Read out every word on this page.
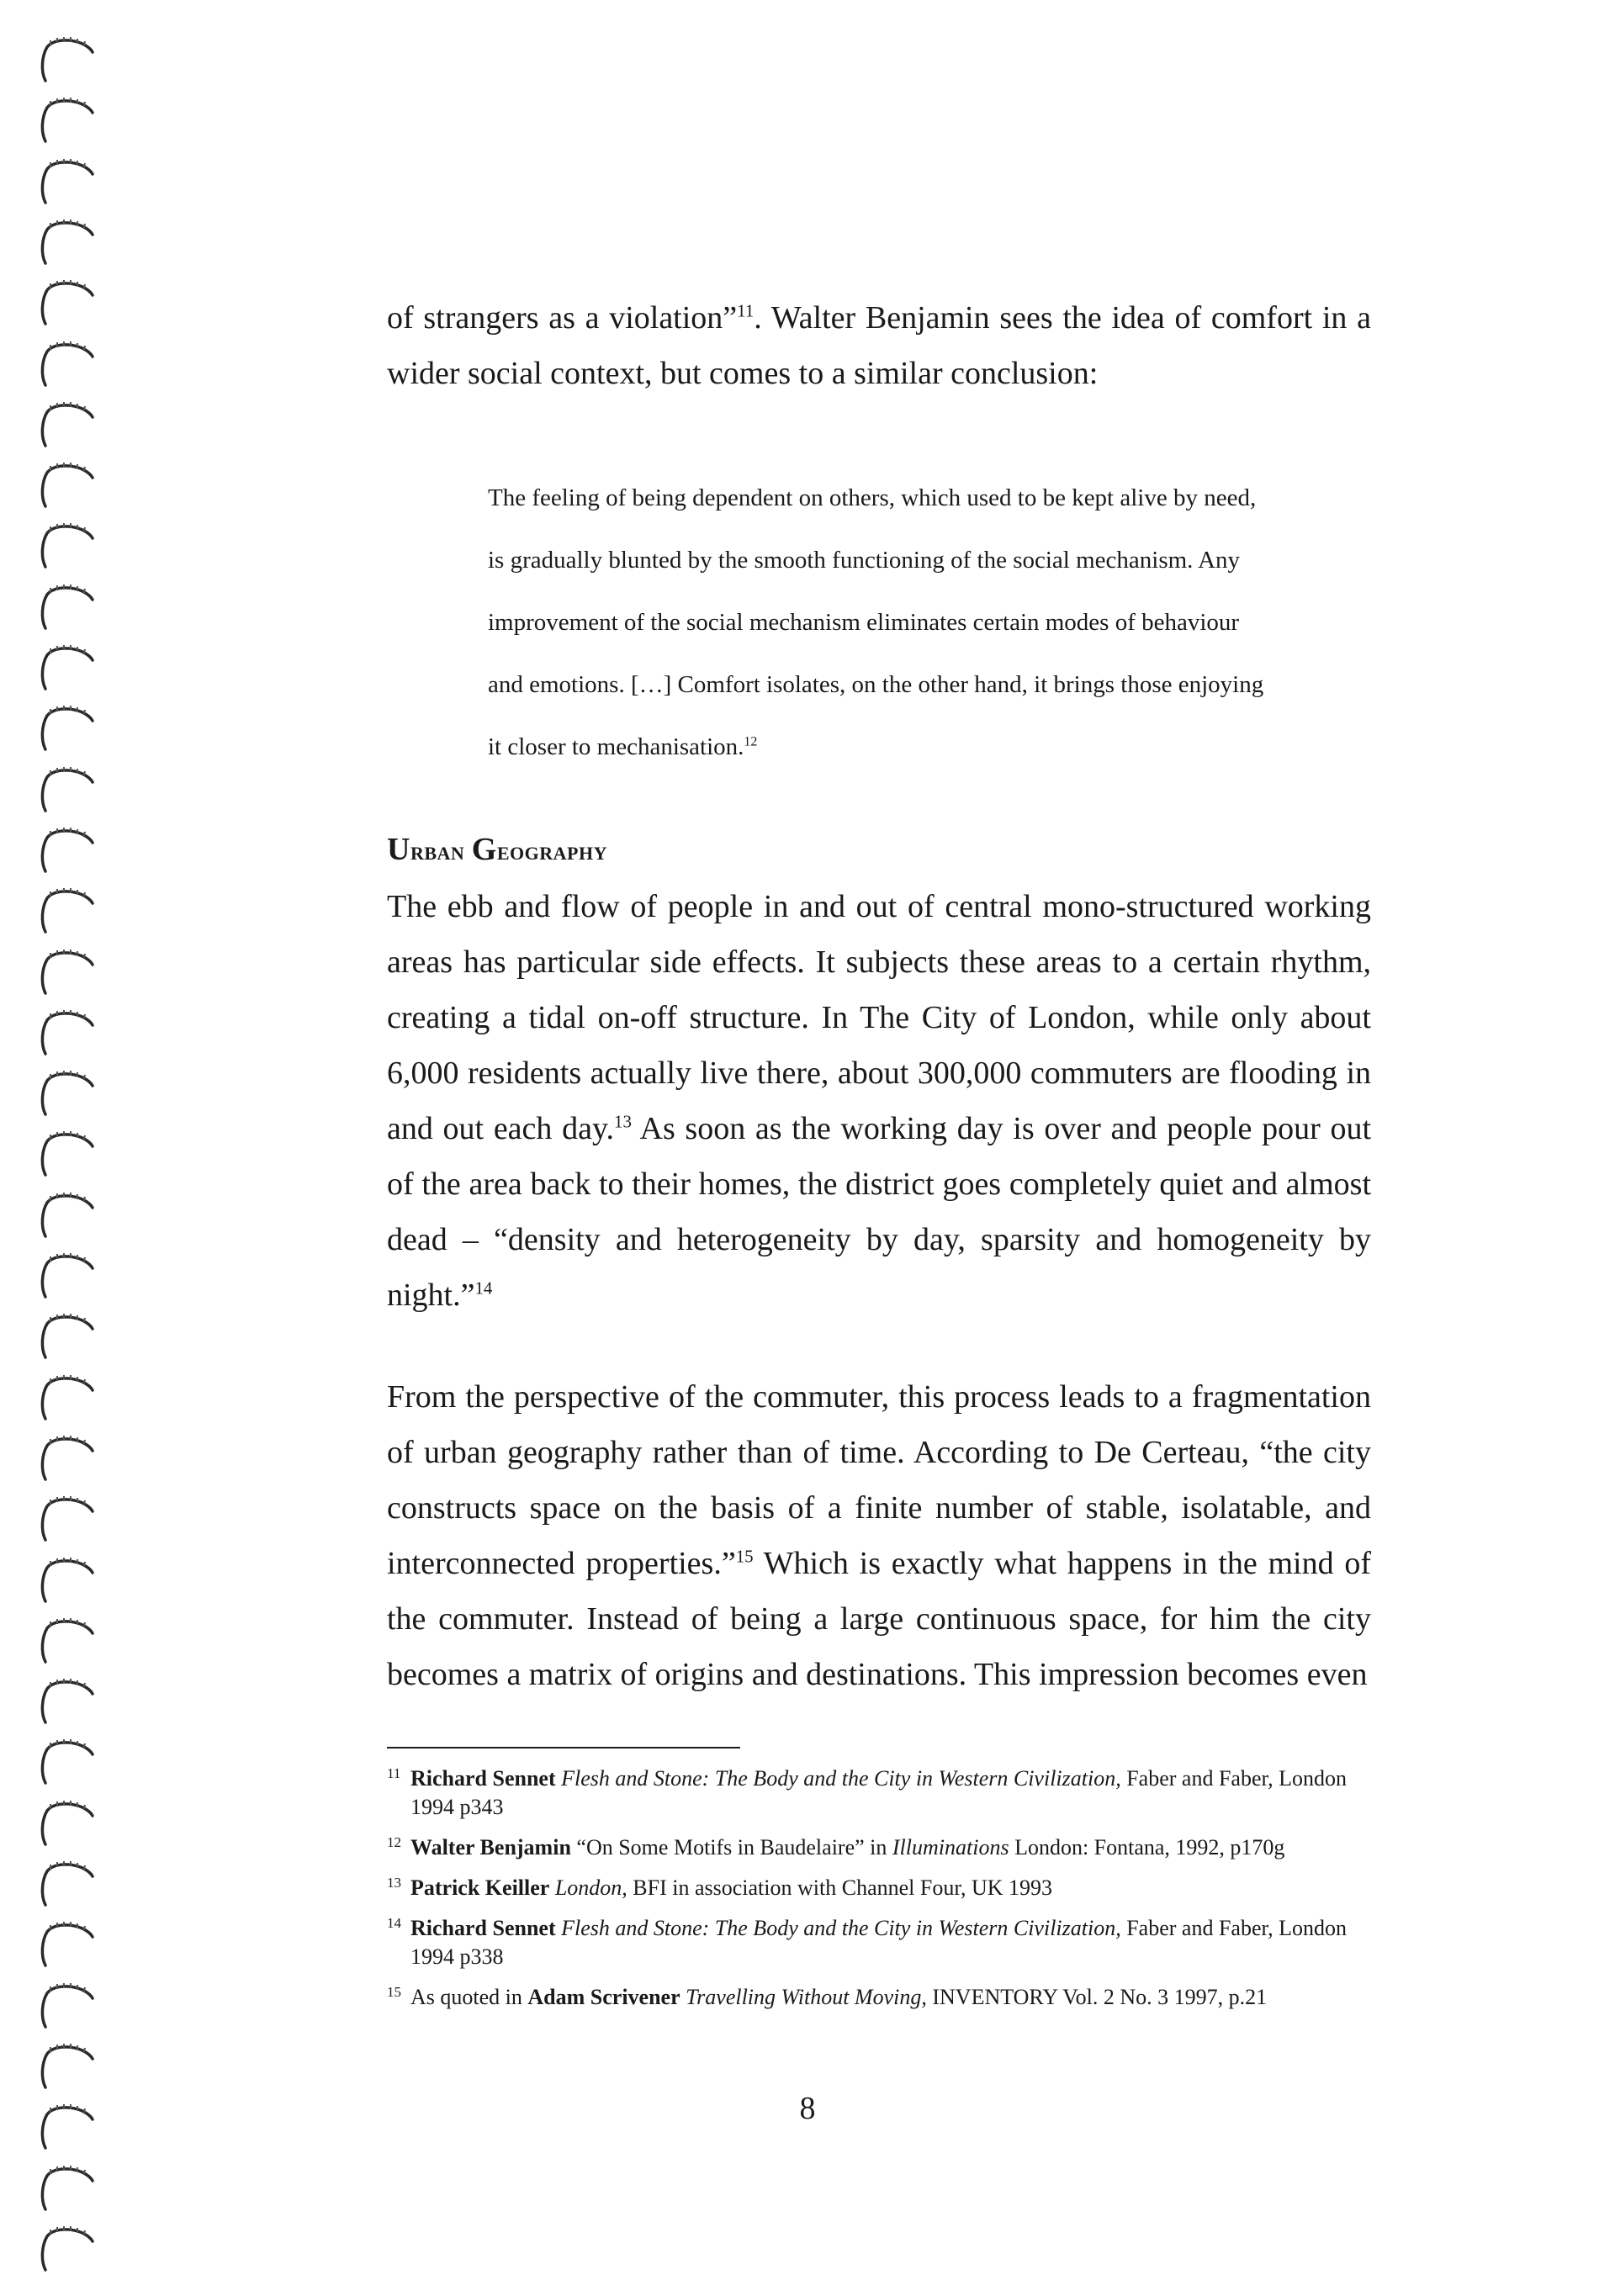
of strangers as a violation”$^{11}$. Walter Benjamin sees the idea of comfort in a wider social context, but comes to a similar conclusion:

The feeling of being dependent on others, which used to be kept alive by need, is gradually blunted by the smooth functioning of the social mechanism. Any improvement of the social mechanism eliminates certain modes of behaviour and emotions. […] Comfort isolates, on the other hand, it brings those enjoying it closer to mechanisation.$^{12}$

Urban Geography

The ebb and flow of people in and out of central mono-structured working areas has particular side effects. It subjects these areas to a certain rhythm, creating a tidal on-off structure. In The City of London, while only about 6,000 residents actually live there, about 300,000 commuters are flooding in and out each day.$^{13}$ As soon as the working day is over and people pour out of the area back to their homes, the district goes completely quiet and almost dead – “density and heterogeneity by day, sparsity and homogeneity by night.”$^{14}$

From the perspective of the commuter, this process leads to a fragmentation of urban geography rather than of time. According to De Certeau, “the city constructs space on the basis of a finite number of stable, isolatable, and interconnected properties.”$^{15}$ Which is exactly what happens in the mind of the commuter. Instead of being a large continuous space, for him the city becomes a matrix of origins and destinations. This impression becomes even

11 Richard Sennet Flesh and Stone: The Body and the City in Western Civilization, Faber and Faber, London 1994 p343
12 Walter Benjamin “On Some Motifs in Baudelaire” in Illuminations London: Fontana, 1992, p170g
13 Patrick Keiller London, BFI in association with Channel Four, UK 1993
14 Richard Sennet Flesh and Stone: The Body and the City in Western Civilization, Faber and Faber, London 1994 p338
15 As quoted in Adam Scrivener Travelling Without Moving, INVENTORY Vol. 2 No. 3 1997, p.21
8
